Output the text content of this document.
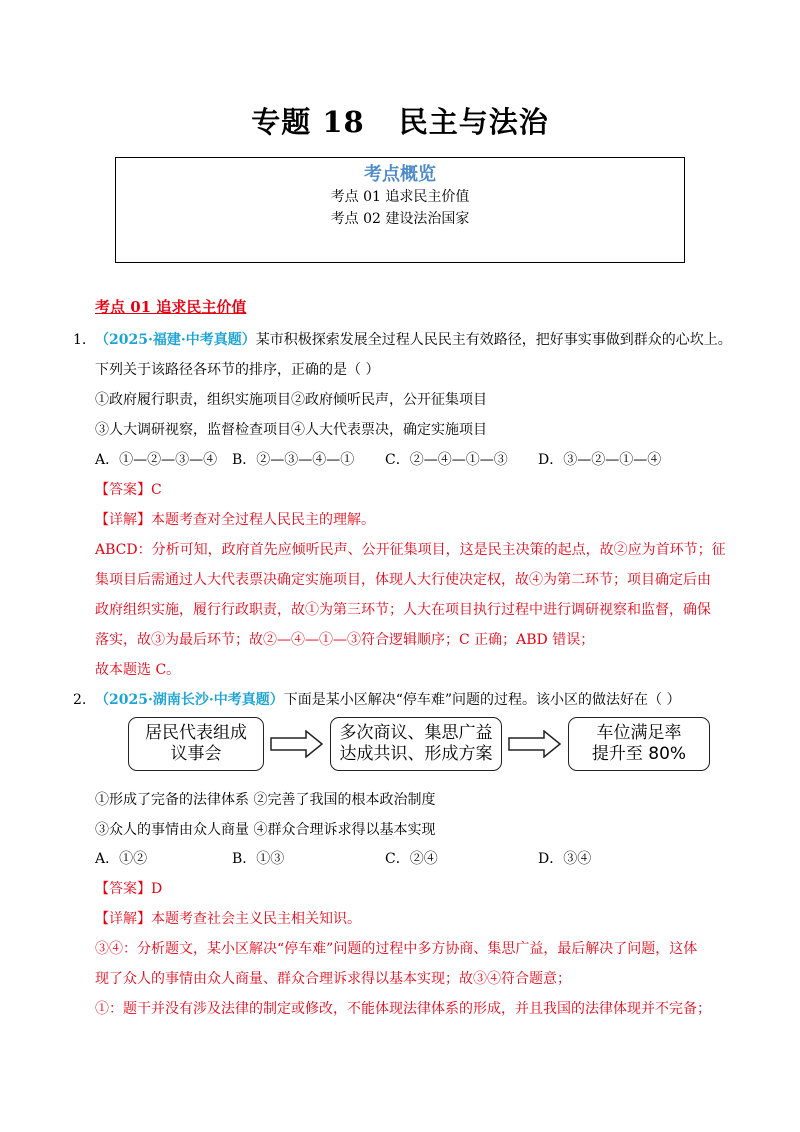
专题 18 民主与法治
考点概览
考点 01 追求民主价值
考点 02 建设法治国家
考点 01 追求民主价值
1. （2025·福建·中考真题）某市积极探索发展全过程人民民主有效路径，把好事实事做到群众的心坎上。
下列关于该路径各环节的排序，正确的是（ ）
①政府履行职责，组织实施项目②政府倾听民声，公开征集项目
③人大调研视察，监督检查项目④人大代表票决，确定实施项目
A．①—②—③—④ B．②—③—④—① C．②—④—①—③ D．③—②—①—④
【答案】C
【详解】本题考查对全过程人民民主的理解。
ABCD：分析可知，政府首先应倾听民声、公开征集项目，这是民主决策的起点，故②应为首环节；征
集项目后需通过人大代表票决确定实施项目，体现人大行使决定权，故④为第二环节；项目确定后由
政府组织实施，履行行政职责，故①为第三环节；人大在项目执行过程中进行调研视察和监督，确保
落实，故③为最后环节；故②—④—①—③符合逻辑顺序；C 正确；ABD 错误；
故本题选 C。
2. （2025·湖南长沙·中考真题）下面是某小区解决“停车难”问题的过程。该小区的做法好在（ ）
居民代表组成
议事会
多次商议、集思广益
达成共识、形成方案
车位满足率
提升至 80%
①形成了完备的法律体系 ②完善了我国的根本政治制度
③众人的事情由众人商量 ④群众合理诉求得以基本实现
A．①②	B．①③	C．②④	D．③④
【答案】D
【详解】本题考查社会主义民主相关知识。
③④：分析题文，某小区解决“停车难”问题的过程中多方协商、集思广益，最后解决了问题，这体
现了众人的事情由众人商量、群众合理诉求得以基本实现；故③④符合题意；
①：题干并没有涉及法律的制定或修改，不能体现法律体系的形成，并且我国的法律体现并不完备；
